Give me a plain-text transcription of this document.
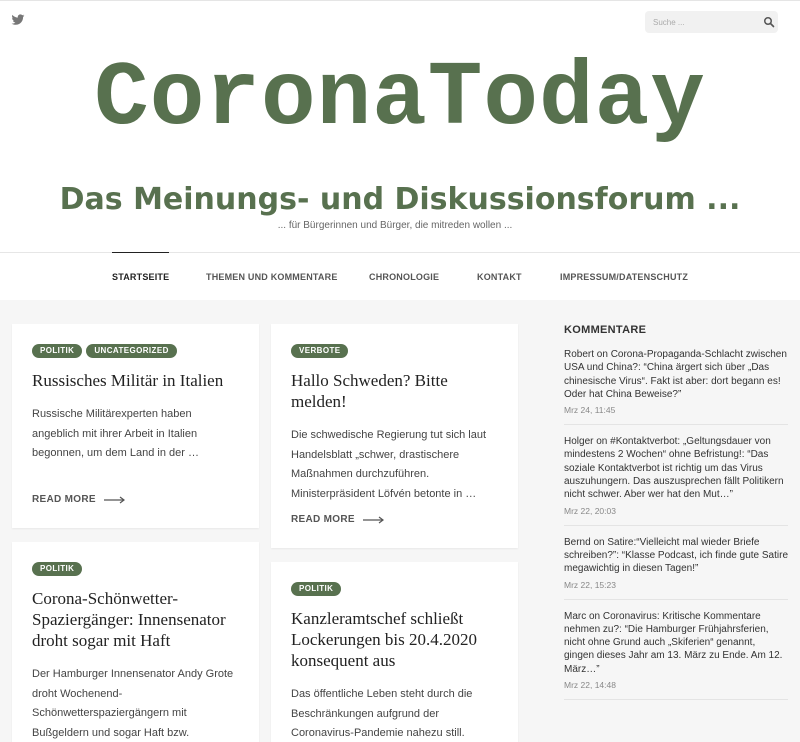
Suche ...
CoronaToday
Das Meinungs- und Diskussionsforum ...
... für Bürgerinnen und Bürger, die mitreden wollen ...
STARTSEITE	THEMEN UND KOMMENTARE	CHRONOLOGIE	KONTAKT	IMPRESSUM/DATENSCHUTZ
POLITIK	UNCATEGORIZED
Russisches Militär in Italien
Russische Militärexperten haben angeblich mit ihrer Arbeit in Italien begonnen, um dem Land in der …
READ MORE
VERBOTE
Hallo Schweden? Bitte melden!
Die schwedische Regierung tut sich laut Handelsblatt „schwer, drastischere Maßnahmen durchzuführen. Ministerpräsident Löfvén betonte in …
READ MORE
POLITIK
Corona-Schönwetter-Spaziergänger: Innensenator droht sogar mit Haft
Der Hamburger Innensenator Andy Grote droht Wochenend-Schönwetterspaziergängern mit Bußgeldern und sogar Haft bzw.
POLITIK
Kanzleramtschef schließt Lockerungen bis 20.4.2020 konsequent aus
Das öffentliche Leben steht durch die Beschränkungen aufgrund der Coronavirus-Pandemie nahezu still.
KOMMENTARE
Robert on Corona-Propaganda-Schlacht zwischen USA und China?: “China ärgert sich über „Das chinesische Virus“. Fakt ist aber: dort begann es! Oder hat China Beweise?”
Mrz 24, 11:45
Holger on #Kontaktverbot: „Geltungsdauer von mindestens 2 Wochen“ ohne Befristung!: “Das soziale Kontaktverbot ist richtig um das Virus auszuhungern. Das auszusprechen fällt Politikern nicht schwer. Aber wer hat den Mut…”
Mrz 22, 20:03
Bernd on Satire:“Vielleicht mal wieder Briefe schreiben?”: “Klasse Podcast, ich finde gute Satire megawichtig in diesen Tagen!”
Mrz 22, 15:23
Marc on Coronavirus: Kritische Kommentare nehmen zu?: “Die Hamburger Frühjahrsferien, nicht ohne Grund auch „Skiferien“ genannt, gingen dieses Jahr am 13. März zu Ende. Am 12. März…”
Mrz 22, 14:48
